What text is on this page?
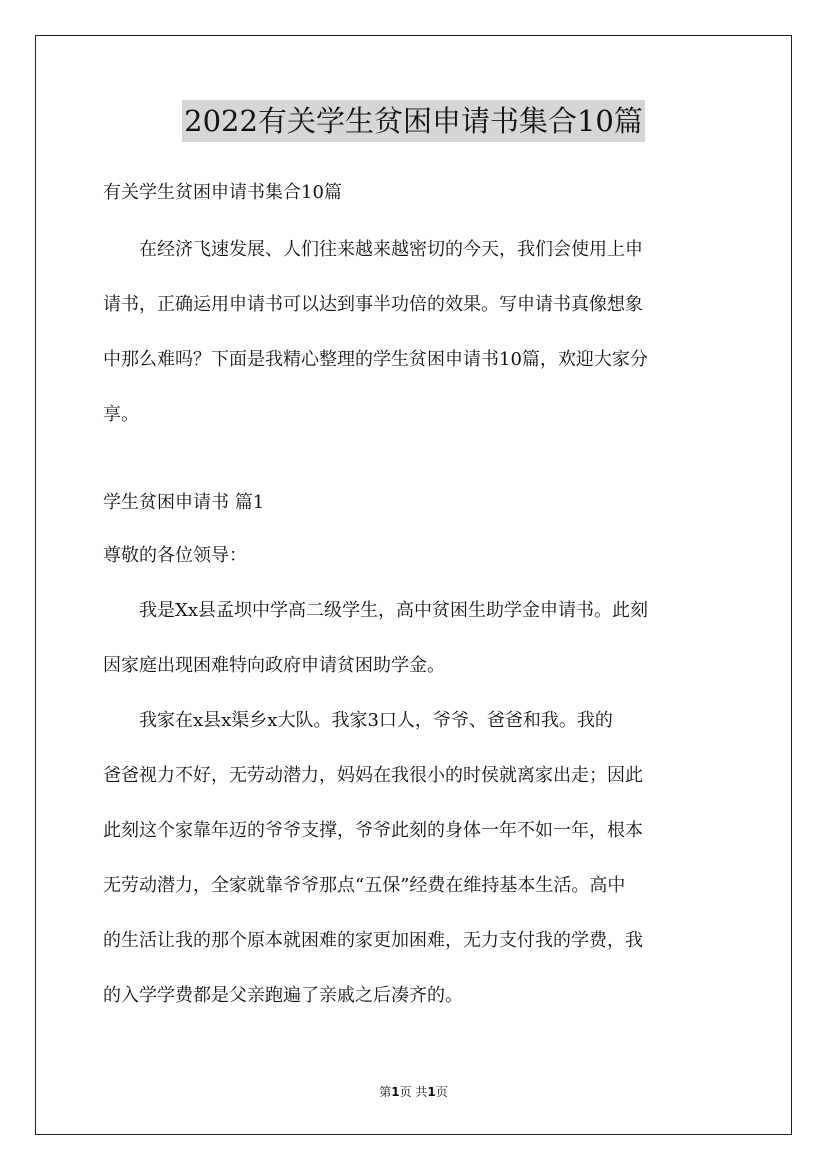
2022有关学生贫困申请书集合10篇

有关学生贫困申请书集合10篇

在经济飞速发展、人们往来越来越密切的今天，我们会使用上申

请书，正确运用申请书可以达到事半功倍的效果。写申请书真像想象

中那么难吗？下面是我精心整理的学生贫困申请书10篇，欢迎大家分

享。

学生贫困申请书 篇1

尊敬的各位领导：

我是Xx县孟坝中学高二级学生，高中贫困生助学金申请书。此刻

因家庭出现困难特向政府申请贫困助学金。

我家在x县x渠乡x大队。我家3口人，爷爷、爸爸和我。我的

爸爸视力不好，无劳动潜力，妈妈在我很小的时侯就离家出走；因此

此刻这个家靠年迈的爷爷支撑，爷爷此刻的身体一年不如一年，根本

无劳动潜力，全家就靠爷爷那点“五保”经费在维持基本生活。高中

的生活让我的那个原本就困难的家更加困难，无力支付我的学费，我

的入学学费都是父亲跑遍了亲戚之后凑齐的。

第1页 共1页
